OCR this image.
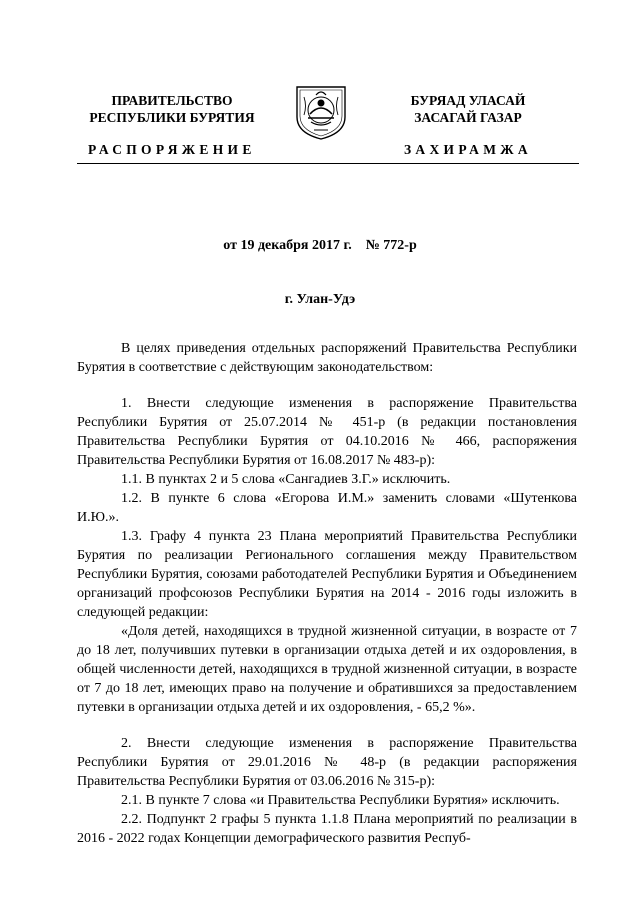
ПРАВИТЕЛЬСТВО
РЕСПУБЛИКИ БУРЯТИЯ
БУРЯАД УЛАСАЙ
ЗАСАГАЙ ГАЗАР
РАСПОРЯЖЕНИЕ	ЗАХИРАМЖА
от 19 декабря 2017 г.    № 772-р
г. Улан-Удэ

В целях приведения отдельных распоряжений Правительства Республики Бурятия в соответствие с действующим законодательством:

1. Внести следующие изменения в распоряжение Правительства Республики Бурятия от 25.07.2014 № 451-р (в редакции постановления Правительства Республики Бурятия от 04.10.2016 № 466, распоряжения Правительства Республики Бурятия от 16.08.2017 № 483-р):

1.1. В пунктах 2 и 5 слова «Сангадиев З.Г.» исключить.

1.2. В пункте 6 слова «Егорова И.М.» заменить словами «Шутенкова И.Ю.».

1.3. Графу 4 пункта 23 Плана мероприятий Правительства Республики Бурятия по реализации Регионального соглашения между Правительством Республики Бурятия, союзами работодателей Республики Бурятия и Объединением организаций профсоюзов Республики Бурятия на 2014 - 2016 годы изложить в следующей редакции:

«Доля детей, находящихся в трудной жизненной ситуации, в возрасте от 7 до 18 лет, получивших путевки в организации отдыха детей и их оздоровления, в общей численности детей, находящихся в трудной жизненной ситуации, в возрасте от 7 до 18 лет, имеющих право на получение и обратившихся за предоставлением путевки в организации отдыха детей и их оздоровления, - 65,2 %».

2. Внести следующие изменения в распоряжение Правительства Республики Бурятия от 29.01.2016 № 48-р (в редакции распоряжения Правительства Республики Бурятия от 03.06.2016 № 315-р):

2.1. В пункте 7 слова «и Правительства Республики Бурятия» исключить.

2.2. Подпункт 2 графы 5 пункта 1.1.8 Плана мероприятий по реализации в 2016 - 2022 годах Концепции демографического развития Респуб-
